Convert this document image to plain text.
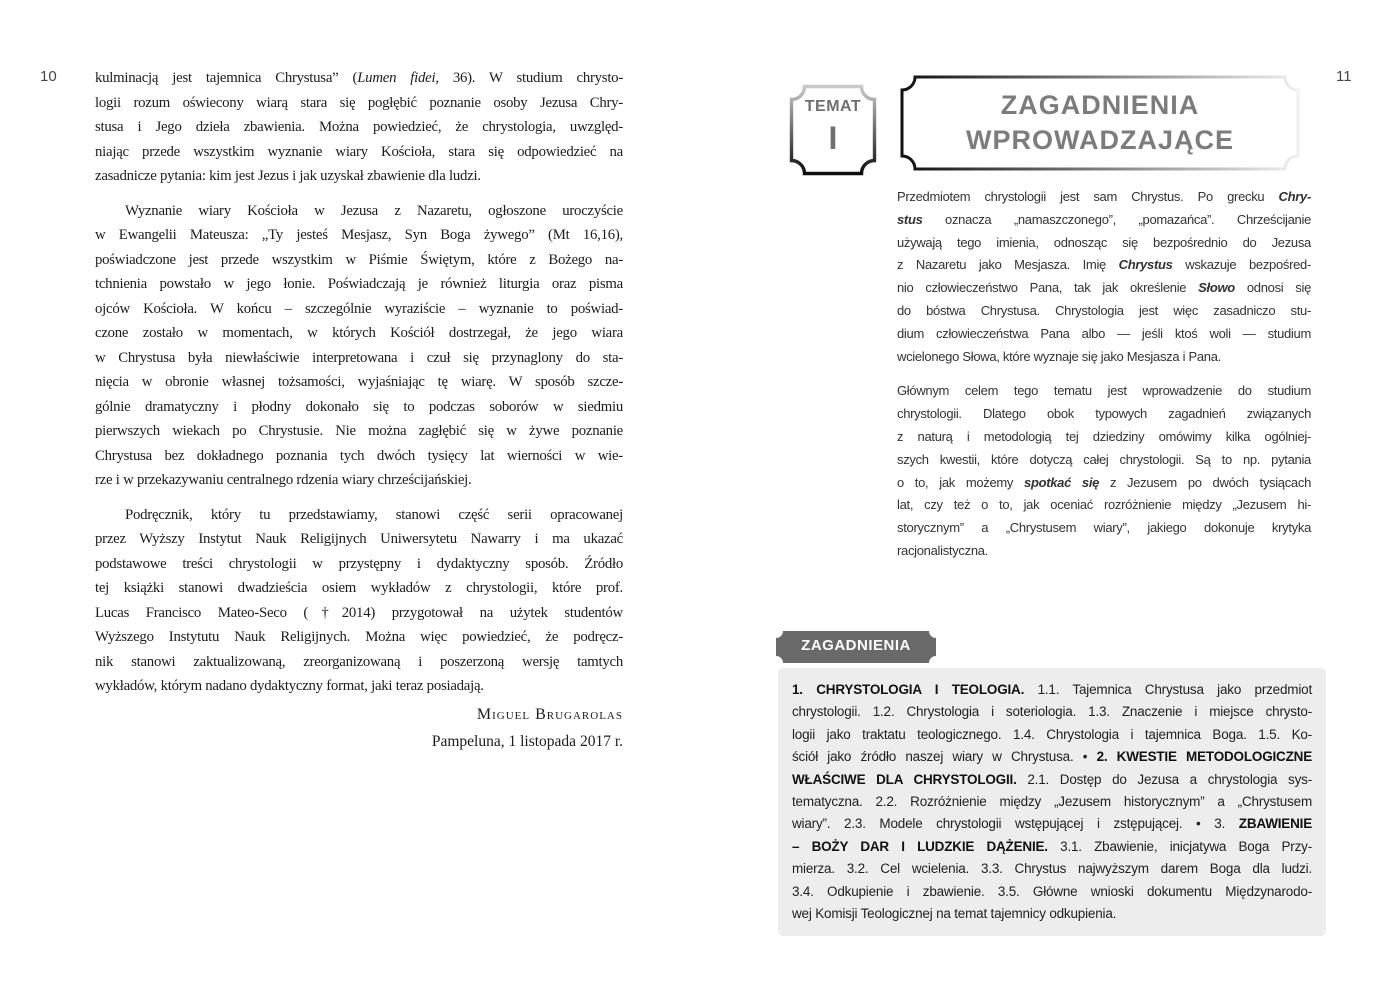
10	kulminacją jest tajemnica Chrystusa” (Lumen fidei, 36). W studium chrysto-
logii rozum oświecony wiarą stara się pogłębić poznanie osoby Jezusa Chry-
stusa i Jego dzieła zbawienia. Można powiedzieć, że chrystologia, uwzględ-
niając przede wszystkim wyznanie wiary Kościoła, stara się odpowiedzieć na
zasadnicze pytania: kim jest Jezus i jak uzyskał zbawienie dla ludzi.
Wyznanie wiary Kościoła w Jezusa z Nazaretu, ogłoszone uroczyście
w Ewangelii Mateusza: „Ty jesteś Mesjasz, Syn Boga żywego” (Mt 16,16),
poświadczone jest przede wszystkim w Piśmie Świętym, które z Bożego na-
tchnienia powstało w jego łonie. Poświadczają je również liturgia oraz pisma
ojców Kościoła. W końcu – szczególnie wyraziście – wyznanie to poświad-
czone zostało w momentach, w których Kościół dostrzegał, że jego wiara
w Chrystusa była niewłaściwie interpretowana i czuł się przynaglony do sta-
nięcia w obronie własnej tożsamości, wyjaśniając tę wiarę. W sposób szcze-
gólnie dramatyczny i płodny dokonało się to podczas soborów w siedmiu
pierwszych wiekach po Chrystusie. Nie można zagłębić się w żywe poznanie
Chrystusa bez dokładnego poznania tych dwóch tysięcy lat wierności w wie-
rze i w przekazywaniu centralnego rdzenia wiary chrześcijańskiej.
Podręcznik, który tu przedstawiamy, stanowi część serii opracowanej
przez Wyższy Instytut Nauk Religijnych Uniwersytetu Nawarry i ma ukazać
podstawowe treści chrystologii w przystępny i dydaktyczny sposób. Źródło
tej książki stanowi dwadzieścia osiem wykładów z chrystologii, które prof.
Lucas Francisco Mateo-Seco (†2014) przygotował na użytek studentów
Wyższego Instytutu Nauk Religijnych. Można więc powiedzieć, że podręcz-
nik stanowi zaktualizowaną, zreorganizowaną i poszerzoną wersję tamtych
wykładów, którym nadano dydaktyczny format, jaki teraz posiadają.
Miguel Brugarolas
Pampeluna, 1 listopada 2017 r.
TEMAT
I
ZAGADNIENIA
WPROWADZAJĄCE
11
Przedmiotem chrystologii jest sam Chrystus. Po grecku Chry-
stus oznacza „namaszczonego”, „pomazańca”. Chrześcijanie
używają tego imienia, odnosząc się bezpośrednio do Jezusa
z Nazaretu jako Mesjasza. Imię Chrystus wskazuje bezpośred-
nio człowieczeństwo Pana, tak jak określenie Słowo odnosi się
do bóstwa Chrystusa. Chrystologia jest więc zasadniczo stu-
dium człowieczeństwa Pana albo — jeśli ktoś woli — studium
wcielonego Słowa, które wyznaje się jako Mesjasza i Pana.
Głównym celem tego tematu jest wprowadzenie do studium
chrystologii. Dlatego obok typowych zagadnień związanych
z naturą i metodologią tej dziedziny omówimy kilka ogólniej-
szych kwestii, które dotyczą całej chrystologii. Są to np. pytania
o to, jak możemy spotkać się z Jezusem po dwóch tysiącach
lat, czy też o to, jak oceniać rozróżnienie między „Jezusem hi-
storycznym” a „Chrystusem wiary”, jakiego dokonuje krytyka
racjonalistyczna.
ZAGADNIENIA
1. CHRYSTOLOGIA I TEOLOGIA. 1.1. Tajemnica Chrystusa jako przedmiot
chrystologii. 1.2. Chrystologia i soteriologia. 1.3. Znaczenie i miejsce chrysto-
logii jako traktatu teologicznego. 1.4. Chrystologia i tajemnica Boga. 1.5. Ko-
ściół jako źródło naszej wiary w Chrystusa. • 2. KWESTIE METODOLOGICZNE
WŁAŚCIWE DLA CHRYSTOLOGII. 2.1. Dostęp do Jezusa a chrystologia sys-
tematyczna. 2.2. Rozróżnienie między „Jezusem historycznym” a „Chrystusem
wiary”. 2.3. Modele chrystologii wstępującej i zstępującej. • 3. ZBAWIENIE
– BOŻY DAR I LUDZKIE DĄŻENIE. 3.1. Zbawienie, inicjatywa Boga Przy-
mierza. 3.2. Cel wcielenia. 3.3. Chrystus najwyższym darem Boga dla ludzi.
3.4. Odkupienie i zbawienie. 3.5. Główne wnioski dokumentu Międzynarodo-
wej Komisji Teologicznej na temat tajemnicy odkupienia.
